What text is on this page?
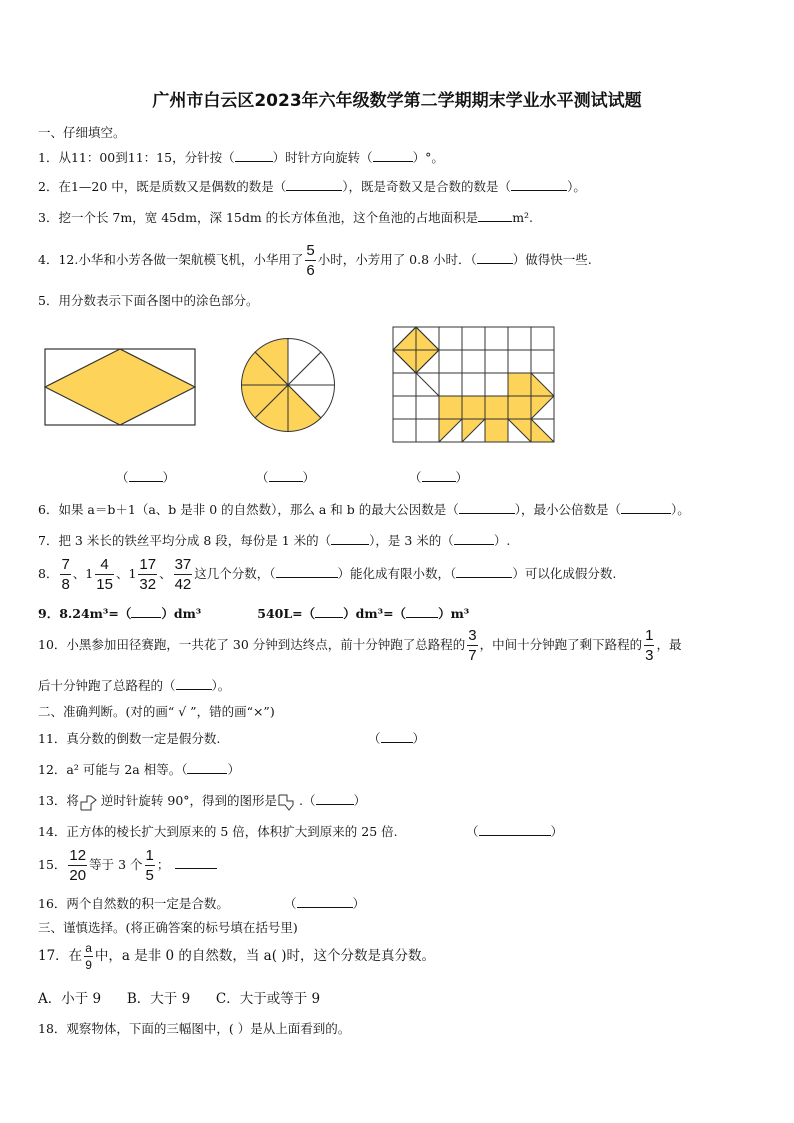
广州市白云区2023年六年级数学第二学期期末学业水平测试试题
一、仔细填空。
1．从11：00到11：15，分针按（	）时针方向旋转（	）°。
2．在1—20 中，既是质数又是偶数的数是（	），既是奇数又是合数的数是（	）。
3．挖一个长 7m，宽 45dm，深 15dm 的长方体鱼池，这个鱼池的占地面积是	m².
4．12.小华和小芳各做一架航模飞机，小华用了 $\frac{5}{6}$ 小时，小芳用了 0.8 小时．（	）做得快一些.
5．用分数表示下面各图中的涂色部分。
（	）	（	）	（	）
6．如果 a＝b＋1（a、b 是非 0 的自然数），那么 a 和 b 的最大公因数是（	），最小公倍数是（	）。
7．把 3 米长的铁丝平均分成 8 段，每份是 1 米的（	），是 3 米的（	）.
8． $\frac{7}{8}$ 、$1 \frac{4}{15}$ 、$1 \frac{17}{32}$ 、 $\frac{37}{42}$ 这几个分数，（	）能化成有限小数，（	）可以化成假分数.
9．8.24m³=（ ）dm³	540L=（ ）dm³=（	）m³
10．小黑参加田径赛跑，一共花了 30 分钟到达终点，前十分钟跑了总路程的 $\frac{3}{7}$ ，中间十分钟跑了剩下路程的 $\frac{1}{3}$ ，最
后十分钟跑了总路程的（	）。
二、准确判断。(对的画“ √ ”，错的画“×”)
11．真分数的倒数一定是假分数.	（	）
12．a² 可能与 2a 相等。（	）
13．将 逆时针旋转 90°，得到的图形是 .（	）
14．正方体的棱长扩大到原来的 5 倍，体积扩大到原来的 25 倍.	（	）
15． $\frac{12}{20}$ 等于 3 个 $\frac{1}{5}$ ；
16．两个自然数的积一定是合数。	（	）
三、谨慎选择。(将正确答案的标号填在括号里)
17．在 $\frac{a}{9}$ 中，a 是非 0 的自然数，当 a( )时，这个分数是真分数。
A．小于 9      B．大于 9      C．大于或等于 9
18．观察物体，下面的三幅图中，( ）是从上面看到的。
